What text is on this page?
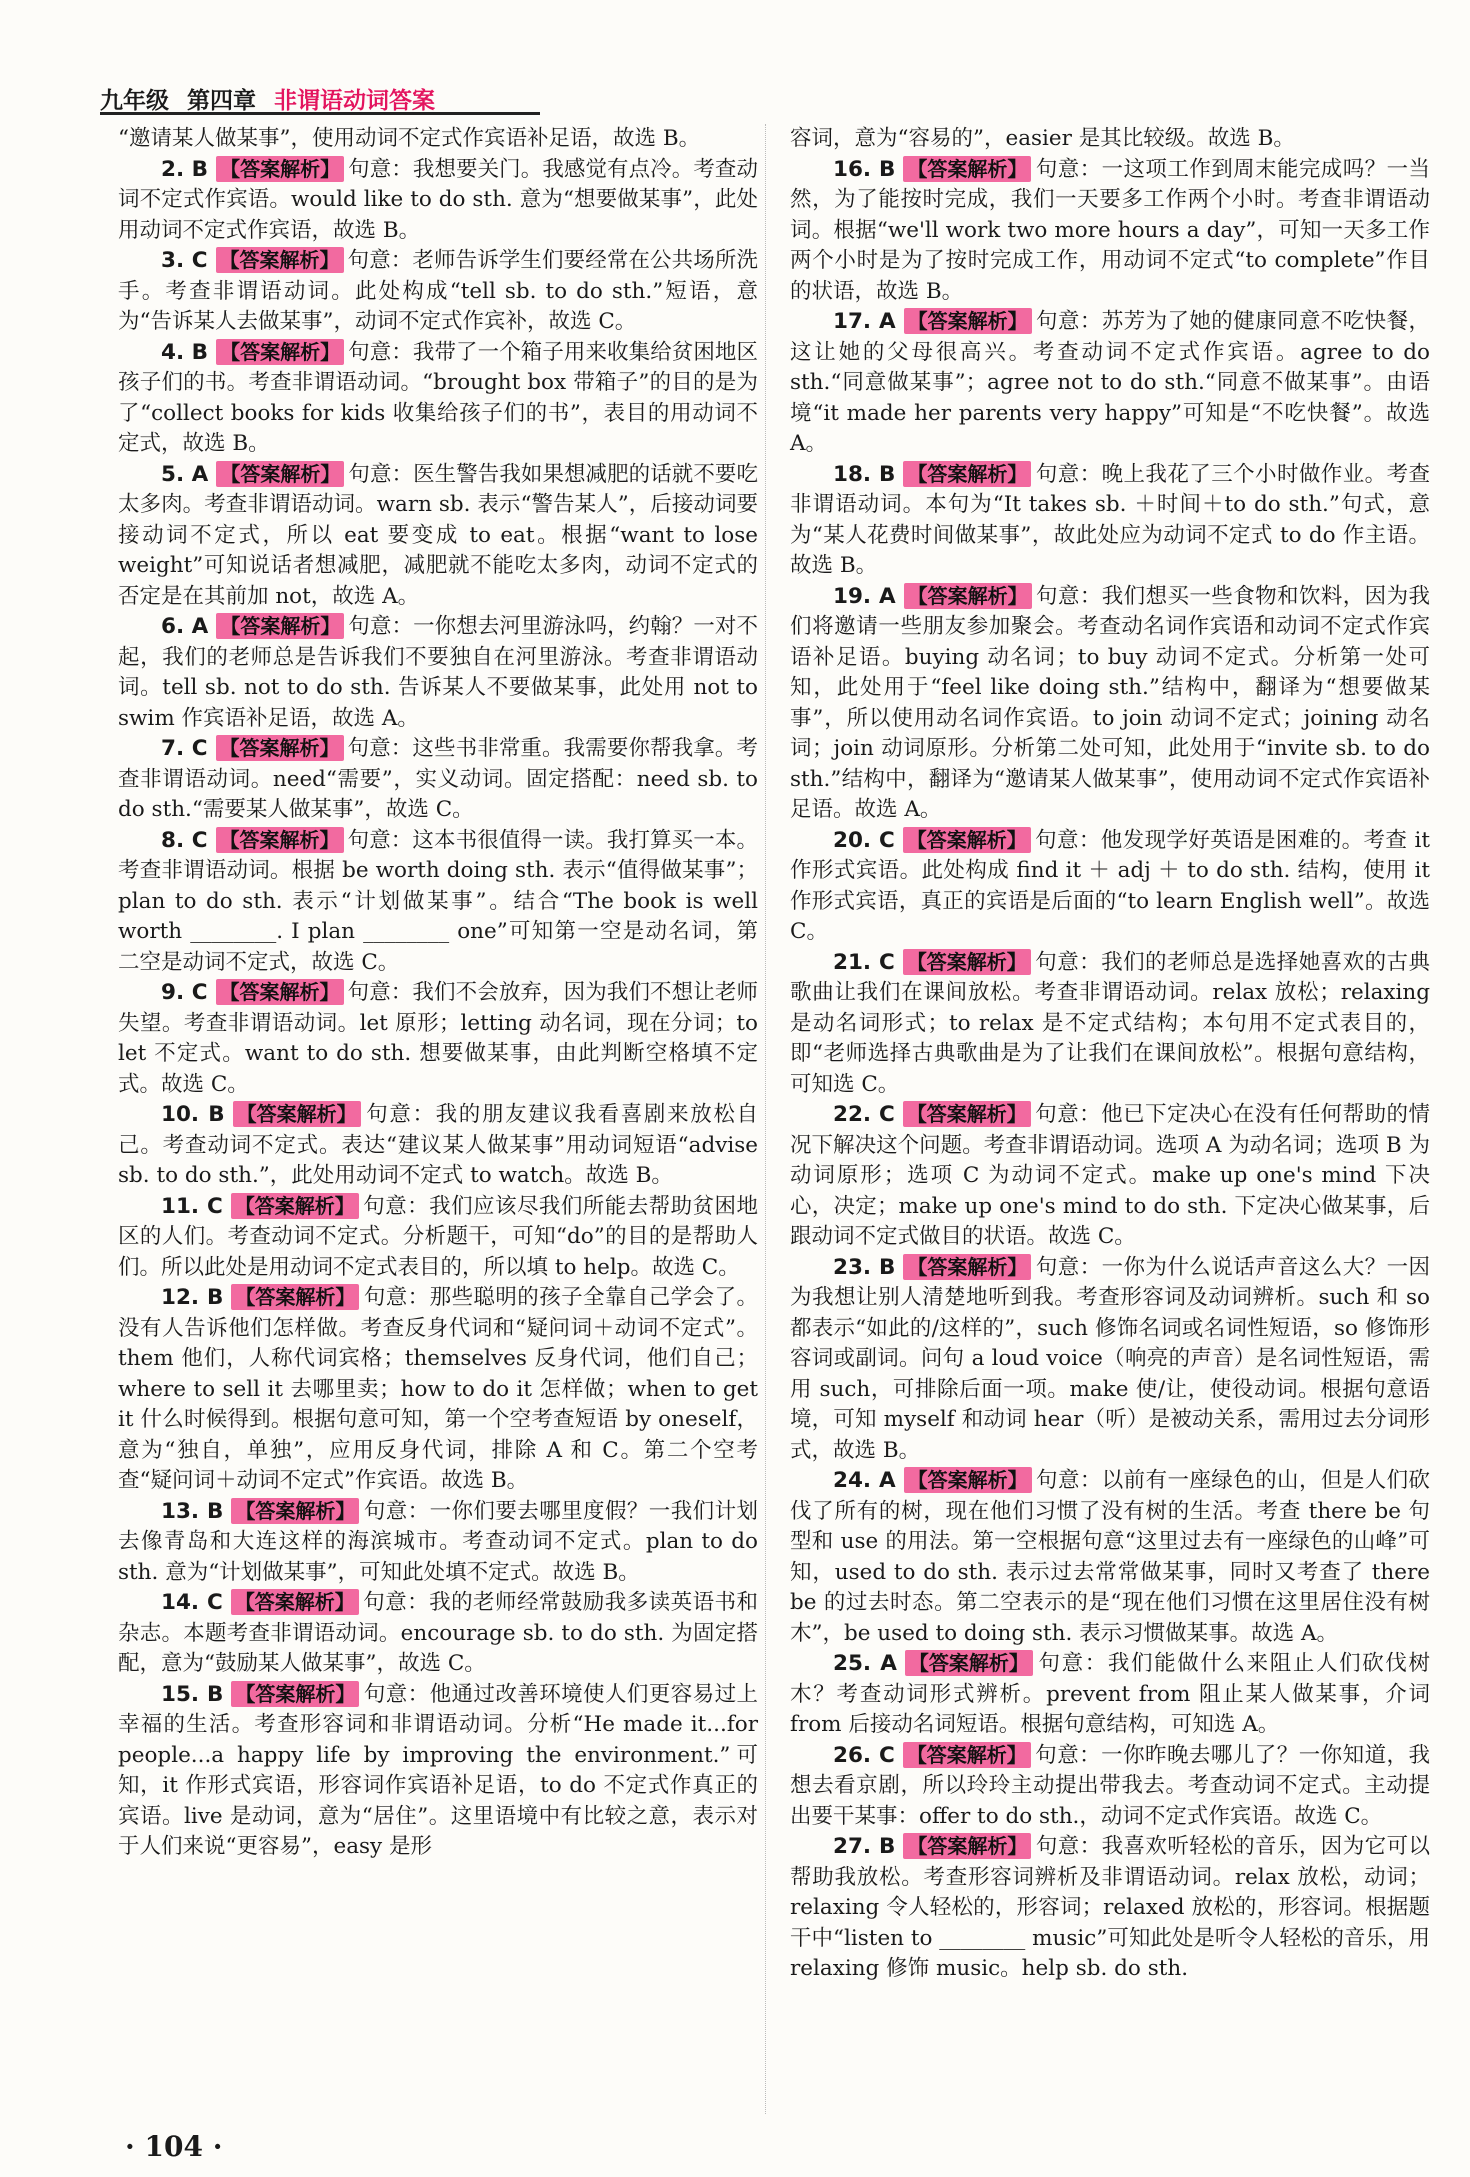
九年级 第四章 非谓语动词答案

“邀请某人做某事”，使用动词不定式作宾语补足语，故选 B。

2. B 【答案解析】 句意：我想要关门。我感觉有点冷。考查动词不定式作宾语。would like to do sth. 意为“想要做某事”，此处用动词不定式作宾语，故选 B。

3. C 【答案解析】 句意：老师告诉学生们要经常在公共场所洗手。考查非谓语动词。此处构成“tell sb. to do sth.”短语，意为“告诉某人去做某事”，动词不定式作宾补，故选 C。

4. B 【答案解析】 句意：我带了一个箱子用来收集给贫困地区孩子们的书。考查非谓语动词。“brought box 带箱子”的目的是为了“collect books for kids 收集给孩子们的书”，表目的用动词不定式，故选 B。

5. A 【答案解析】 句意：医生警告我如果想减肥的话就不要吃太多肉。考查非谓语动词。warn sb. 表示“警告某人”，后接动词要接动词不定式，所以 eat 要变成 to eat。根据“want to lose weight”可知说话者想减肥，减肥就不能吃太多肉，动词不定式的否定是在其前加 not，故选 A。

6. A 【答案解析】 句意：一你想去河里游泳吗，约翰？一对不起，我们的老师总是告诉我们不要独自在河里游泳。考查非谓语动词。tell sb. not to do sth. 告诉某人不要做某事，此处用 not to swim 作宾语补足语，故选 A。

7. C 【答案解析】 句意：这些书非常重。我需要你帮我拿。考查非谓语动词。need“需要”，实义动词。固定搭配：need sb. to do sth.“需要某人做某事”，故选 C。

8. C 【答案解析】 句意：这本书很值得一读。我打算买一本。考查非谓语动词。根据 be worth doing sth. 表示“值得做某事”；plan to do sth. 表示“计划做某事”。结合“The book is well worth ________. I plan ________ one”可知第一空是动名词，第二空是动词不定式，故选 C。

9. C 【答案解析】 句意：我们不会放弃，因为我们不想让老师失望。考查非谓语动词。let 原形；letting 动名词，现在分词；to let 不定式。want to do sth. 想要做某事，由此判断空格填不定式。故选 C。

10. B 【答案解析】 句意：我的朋友建议我看喜剧来放松自己。考查动词不定式。表达“建议某人做某事”用动词短语“advise sb. to do sth.”，此处用动词不定式 to watch。故选 B。

11. C 【答案解析】 句意：我们应该尽我们所能去帮助贫困地区的人们。考查动词不定式。分析题干，可知“do”的目的是帮助人们。所以此处是用动词不定式表目的，所以填 to help。故选 C。

12. B 【答案解析】 句意：那些聪明的孩子全靠自己学会了。没有人告诉他们怎样做。考查反身代词和“疑问词＋动词不定式”。them 他们，人称代词宾格；themselves 反身代词，他们自己；where to sell it 去哪里卖；how to do it 怎样做；when to get it 什么时候得到。根据句意可知，第一个空考查短语 by oneself，意为“独自，单独”，应用反身代词，排除 A 和 C。第二个空考查“疑问词＋动词不定式”作宾语。故选 B。

13. B 【答案解析】 句意：一你们要去哪里度假？一我们计划去像青岛和大连这样的海滨城市。考查动词不定式。plan to do sth. 意为“计划做某事”，可知此处填不定式。故选 B。

14. C 【答案解析】 句意：我的老师经常鼓励我多读英语书和杂志。本题考查非谓语动词。encourage sb. to do sth. 为固定搭配，意为“鼓励某人做某事”，故选 C。

15. B 【答案解析】 句意：他通过改善环境使人们更容易过上幸福的生活。考查形容词和非谓语动词。分析“He made it...for people...a happy life by improving the environment.”可知，it 作形式宾语，形容词作宾语补足语，to do 不定式作真正的宾语。live 是动词，意为“居住”。这里语境中有比较之意，表示对于人们来说“更容易”，easy 是形

容词，意为“容易的”，easier 是其比较级。故选 B。

16. B 【答案解析】 句意：一这项工作到周末能完成吗？一当然，为了能按时完成，我们一天要多工作两个小时。考查非谓语动词。根据“we'll work two more hours a day”，可知一天多工作两个小时是为了按时完成工作，用动词不定式“to complete”作目的状语，故选 B。

17. A 【答案解析】 句意：苏芳为了她的健康同意不吃快餐，这让她的父母很高兴。考查动词不定式作宾语。agree to do sth.“同意做某事”；agree not to do sth.“同意不做某事”。由语境“it made her parents very happy”可知是“不吃快餐”。故选 A。

18. B 【答案解析】 句意：晚上我花了三个小时做作业。考查非谓语动词。本句为“It takes sb. ＋时间＋to do sth.”句式，意为“某人花费时间做某事”，故此处应为动词不定式 to do 作主语。故选 B。

19. A 【答案解析】 句意：我们想买一些食物和饮料，因为我们将邀请一些朋友参加聚会。考查动名词作宾语和动词不定式作宾语补足语。buying 动名词；to buy 动词不定式。分析第一处可知，此处用于“feel like doing sth.”结构中，翻译为“想要做某事”，所以使用动名词作宾语。to join 动词不定式；joining 动名词；join 动词原形。分析第二处可知，此处用于“invite sb. to do sth.”结构中，翻译为“邀请某人做某事”，使用动词不定式作宾语补足语。故选 A。

20. C 【答案解析】 句意：他发现学好英语是困难的。考查 it 作形式宾语。此处构成 find it ＋ adj ＋ to do sth. 结构，使用 it 作形式宾语，真正的宾语是后面的“to learn English well”。故选 C。

21. C 【答案解析】 句意：我们的老师总是选择她喜欢的古典歌曲让我们在课间放松。考查非谓语动词。relax 放松；relaxing 是动名词形式；to relax 是不定式结构；本句用不定式表目的，即“老师选择古典歌曲是为了让我们在课间放松”。根据句意结构，可知选 C。

22. C 【答案解析】 句意：他已下定决心在没有任何帮助的情况下解决这个问题。考查非谓语动词。选项 A 为动名词；选项 B 为动词原形；选项 C 为动词不定式。make up one's mind 下决心，决定；make up one's mind to do sth. 下定决心做某事，后跟动词不定式做目的状语。故选 C。

23. B 【答案解析】 句意：一你为什么说话声音这么大？一因为我想让别人清楚地听到我。考查形容词及动词辨析。such 和 so 都表示“如此的/这样的”，such 修饰名词或名词性短语，so 修饰形容词或副词。问句 a loud voice（响亮的声音）是名词性短语，需用 such，可排除后面一项。make 使/让，使役动词。根据句意语境，可知 myself 和动词 hear（听）是被动关系，需用过去分词形式，故选 B。

24. A 【答案解析】 句意：以前有一座绿色的山，但是人们砍伐了所有的树，现在他们习惯了没有树的生活。考查 there be 句型和 use 的用法。第一空根据句意“这里过去有一座绿色的山峰”可知，used to do sth. 表示过去常常做某事，同时又考查了 there be 的过去时态。第二空表示的是“现在他们习惯在这里居住没有树木”，be used to doing sth. 表示习惯做某事。故选 A。

25. A 【答案解析】 句意：我们能做什么来阻止人们砍伐树木？考查动词形式辨析。prevent from 阻止某人做某事，介词 from 后接动名词短语。根据句意结构，可知选 A。

26. C 【答案解析】 句意：一你昨晚去哪儿了？一你知道，我想去看京剧，所以玲玲主动提出带我去。考查动词不定式。主动提出要干某事：offer to do sth.，动词不定式作宾语。故选 C。

27. B 【答案解析】 句意：我喜欢听轻松的音乐，因为它可以帮助我放松。考查形容词辨析及非谓语动词。relax 放松，动词；relaxing 令人轻松的，形容词；relaxed 放松的，形容词。根据题干中“listen to ________ music”可知此处是听令人轻松的音乐，用 relaxing 修饰 music。help sb. do sth.

· 104 ·
